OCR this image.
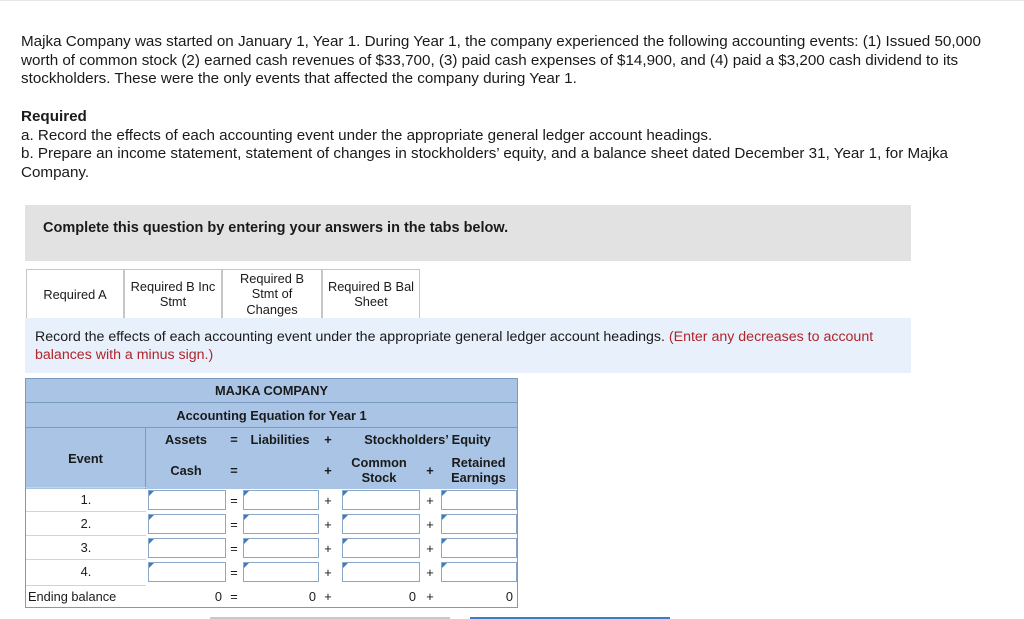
Majka Company was started on January 1, Year 1. During Year 1, the company experienced the following accounting events: (1) Issued 50,000 worth of common stock (2) earned cash revenues of $33,700, (3) paid cash expenses of $14,900, and (4) paid a $3,200 cash dividend to its stockholders. These were the only events that affected the company during Year 1.
Required
a. Record the effects of each accounting event under the appropriate general ledger account headings.
b. Prepare an income statement, statement of changes in stockholders’ equity, and a balance sheet dated December 31, Year 1, for Majka Company.
Complete this question by entering your answers in the tabs below.
Required A
Required B Inc Stmt
Required B Stmt of Changes
Required B Bal Sheet
Record the effects of each accounting event under the appropriate general ledger account headings. (Enter any decreases to account balances with a minus sign.)
MAJKA COMPANY
Accounting Equation for Year 1
Event
Assets	= Liabilities	+	Stockholders’ Equity
Cash	=	+	Common Stock	+	Retained Earnings
1.	=	+	+
2.	=	+	+
3.	=	+	+
4.	=	+	+
Ending balance	0 =	0 +	0 +	0
